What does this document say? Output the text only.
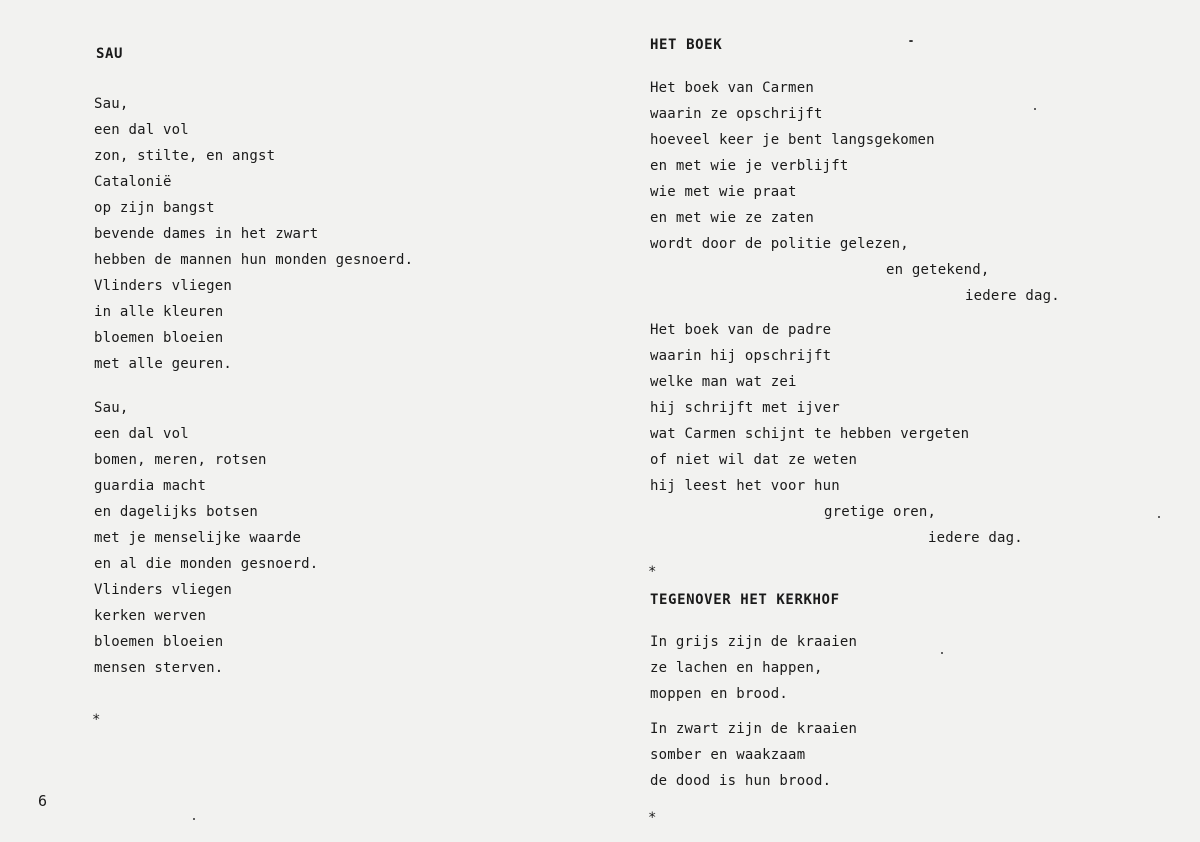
SAU
Sau,
een dal vol
zon, stilte, en angst
Catalonië
op zijn bangst
bevende dames in het zwart
hebben de mannen hun monden gesnoerd.
Vlinders vliegen
in alle kleuren
bloemen bloeien
met alle geuren.
Sau,
een dal vol
bomen, meren, rotsen
guardia macht
en dagelijks botsen
met je menselijke waarde
en al die monden gesnoerd.
Vlinders vliegen
kerken werven
bloemen bloeien
mensen sterven.
*
6
HET BOEK
Het boek van Carmen
waarin ze opschrijft
hoeveel keer je bent langsgekomen
en met wie je verblijft
wie met wie praat
en met wie ze zaten
wordt door de politie gelezen,
en getekend,
iedere dag.
Het boek van de padre
waarin hij opschrijft
welke man wat zei
hij schrijft met ijver
wat Carmen schijnt te hebben vergeten
of niet wil dat ze weten
hij leest het voor hun
gretige oren,
iedere dag.
*
TEGENOVER HET KERKHOF
In grijs zijn de kraaien
ze lachen en happen,
moppen en brood.
In zwart zijn de kraaien
somber en waakzaam
de dood is hun brood.
*
